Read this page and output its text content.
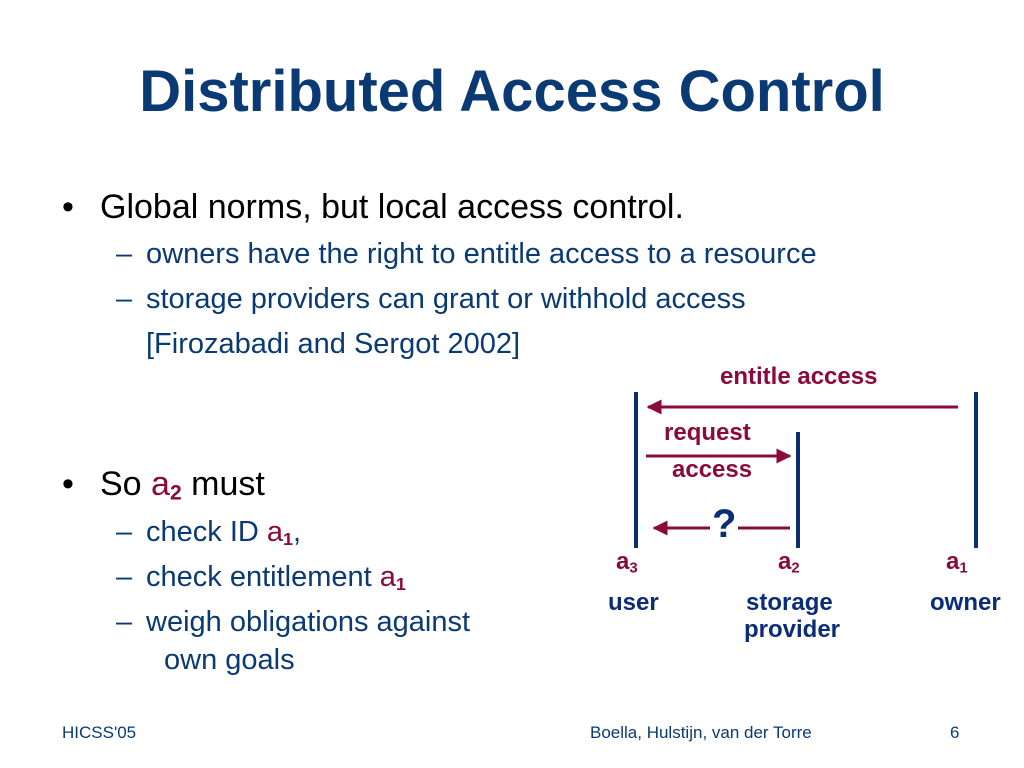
Distributed Access Control
• Global norms, but local access control.
– owners have the right to entitle access to a resource
– storage providers can grant or withhold access
[Firozabadi and Sergot 2002]
• So $a_2$ must
– check ID $a_1$,
– check entitlement $a_1$
– weigh obligations against
own goals
entitle access
request
access
?
$a_3$	$a_2$	$a_1$
user	storage
provider
owner
HICSS'05	Boella, Hulstijn, van der Torre	6
